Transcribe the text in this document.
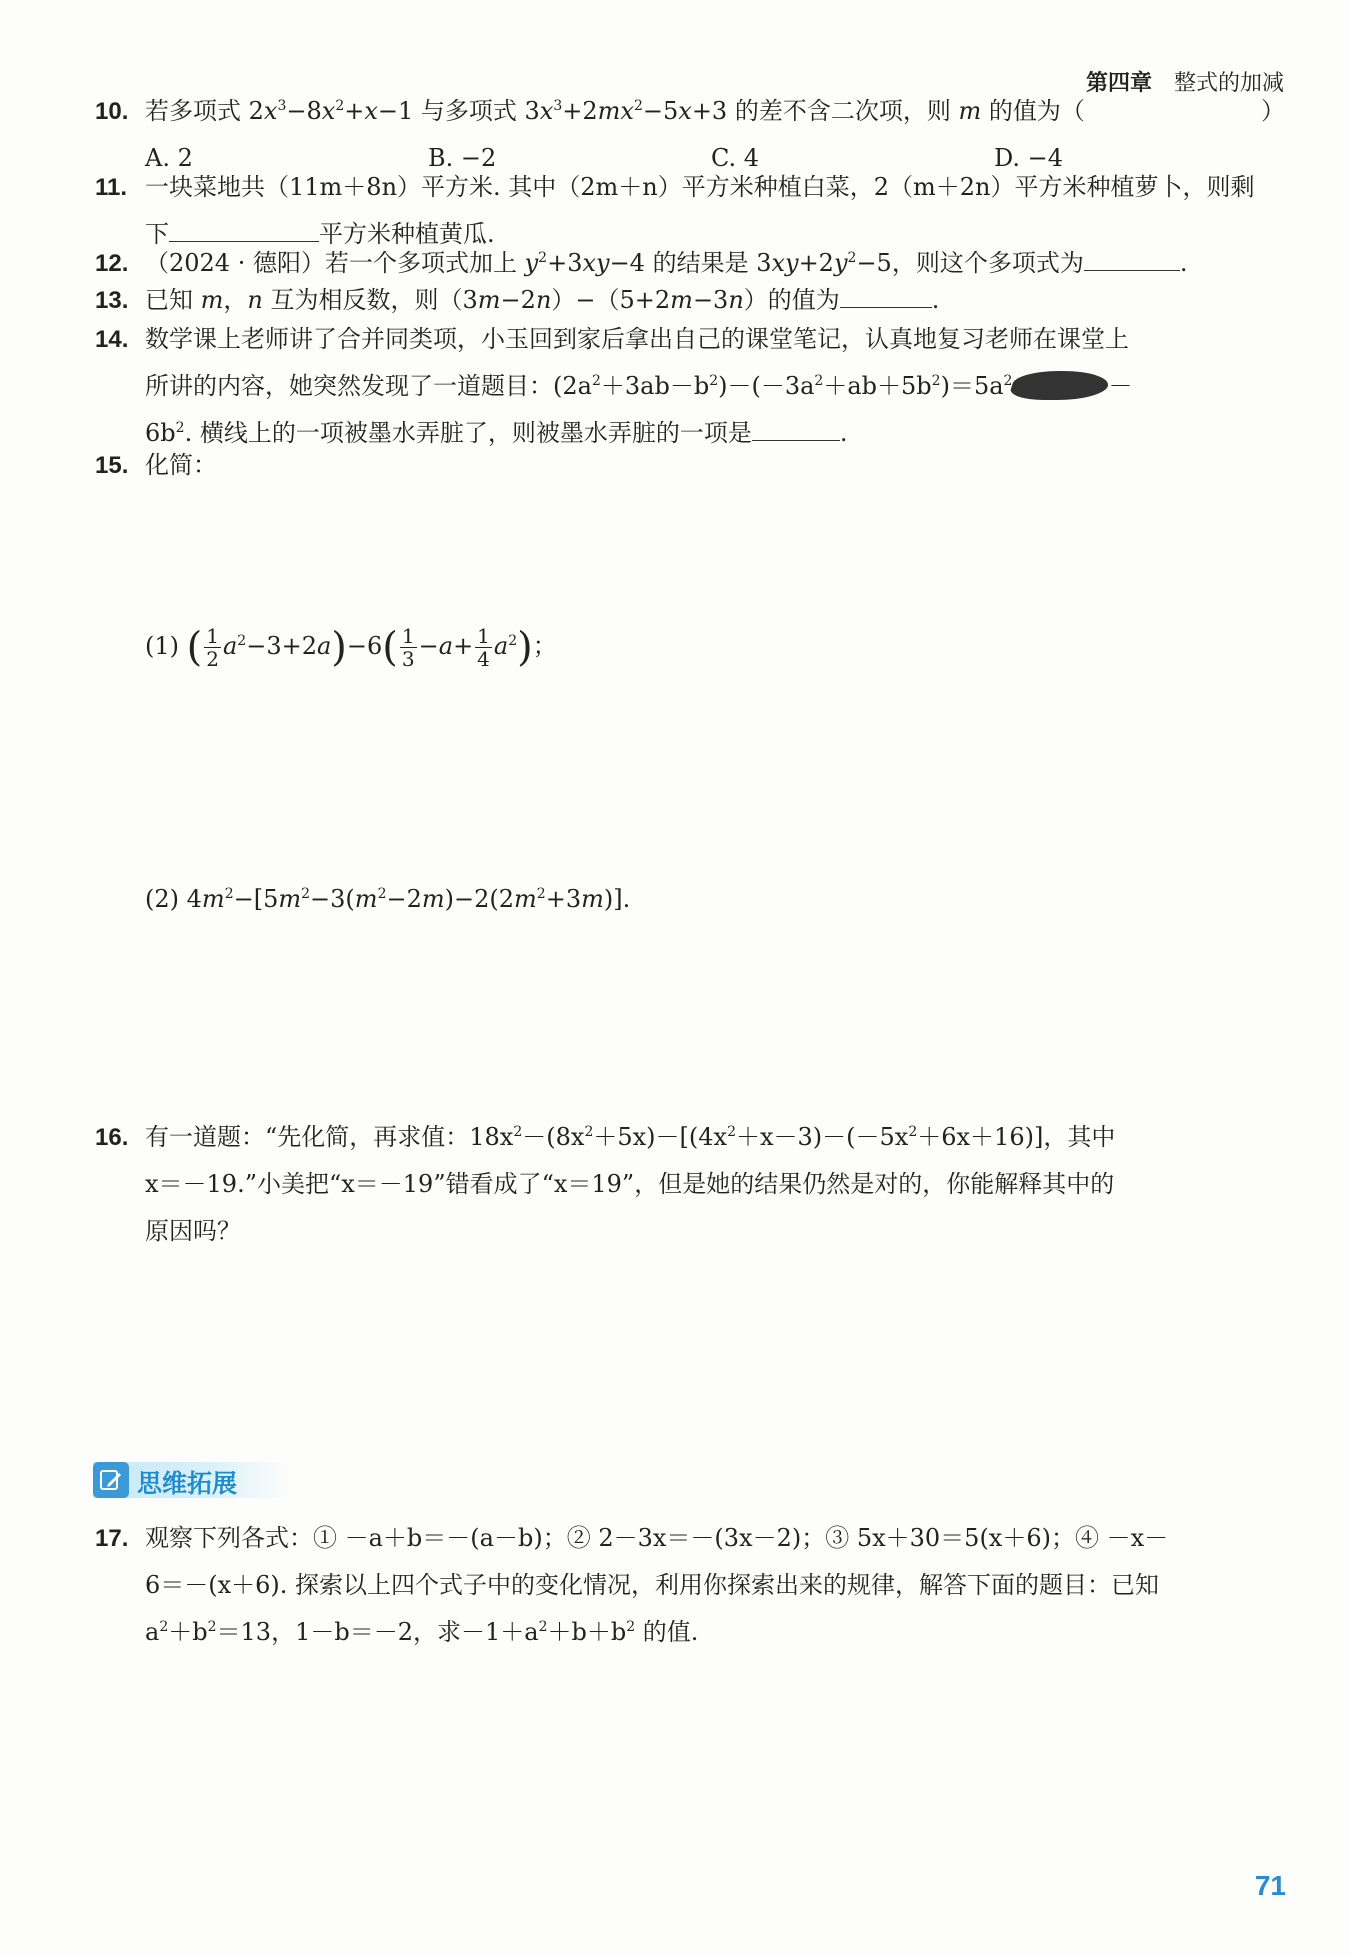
第四章 整式的加减
10. 若多项式 $2x^3-8x^2+x-1$ 与多项式 $3x^3+2mx^2-5x+3$ 的差不含二次项，则 m 的值为（	）
A. 2	B. −2	C. 4	D. −4
11. 一块菜地共（11m＋8n）平方米. 其中（2m＋n）平方米种植白菜，2（m＋2n）平方米种植萝卜，则剩
下	平方米种植黄瓜.
12. （2024 · 德阳）若一个多项式加上 $y^2+3xy-4$ 的结果是 $3xy+2y^2-5$，则这个多项式为	.
13. 已知 m，n 互为相反数，则（3m−2n）−（5+2m−3n）的值为	.
14. 数学课上老师讲了合并同类项，小玉回到家后拿出自己的课堂笔记，认真地复习老师在课堂上
所讲的内容，她突然发现了一道题目：$(2a^2+3ab-b^2)-(-3a^2+ab+5b^2)=5a^2$	－
$6b^2$. 横线上的一项被墨水弄脏了，则被墨水弄脏的一项是	.
15. 化简：
(1) ( $\frac{1}{2} a^2-3+2a)-6( \frac{1}{3} -a+ \frac{1}{4} a^2)$；
(2) $4m^2-[5m^2-3(m^2-2m)-2(2m^2+3m)]$.
16. 有一道题：“先化简，再求值：$18x^2-(8x^2+5x)-[(4x^2+x-3)-(-5x^2+6x+16)]$，其中
x＝－19.”小美把“x＝－19”错看成了“x＝19”，但是她的结果仍然是对的，你能解释其中的
原因吗？
思维拓展
17. 观察下列各式：① －a＋b＝－(a－b)；② 2－3x＝－(3x－2)；③ 5x＋30＝5(x＋6)；④ －x－
6＝－(x＋6). 探索以上四个式子中的变化情况，利用你探索出来的规律，解答下面的题目：已知
$a^2+b^2=13$，1－b＝－2，求$-1+a^2+b+b^2$ 的值.
71
